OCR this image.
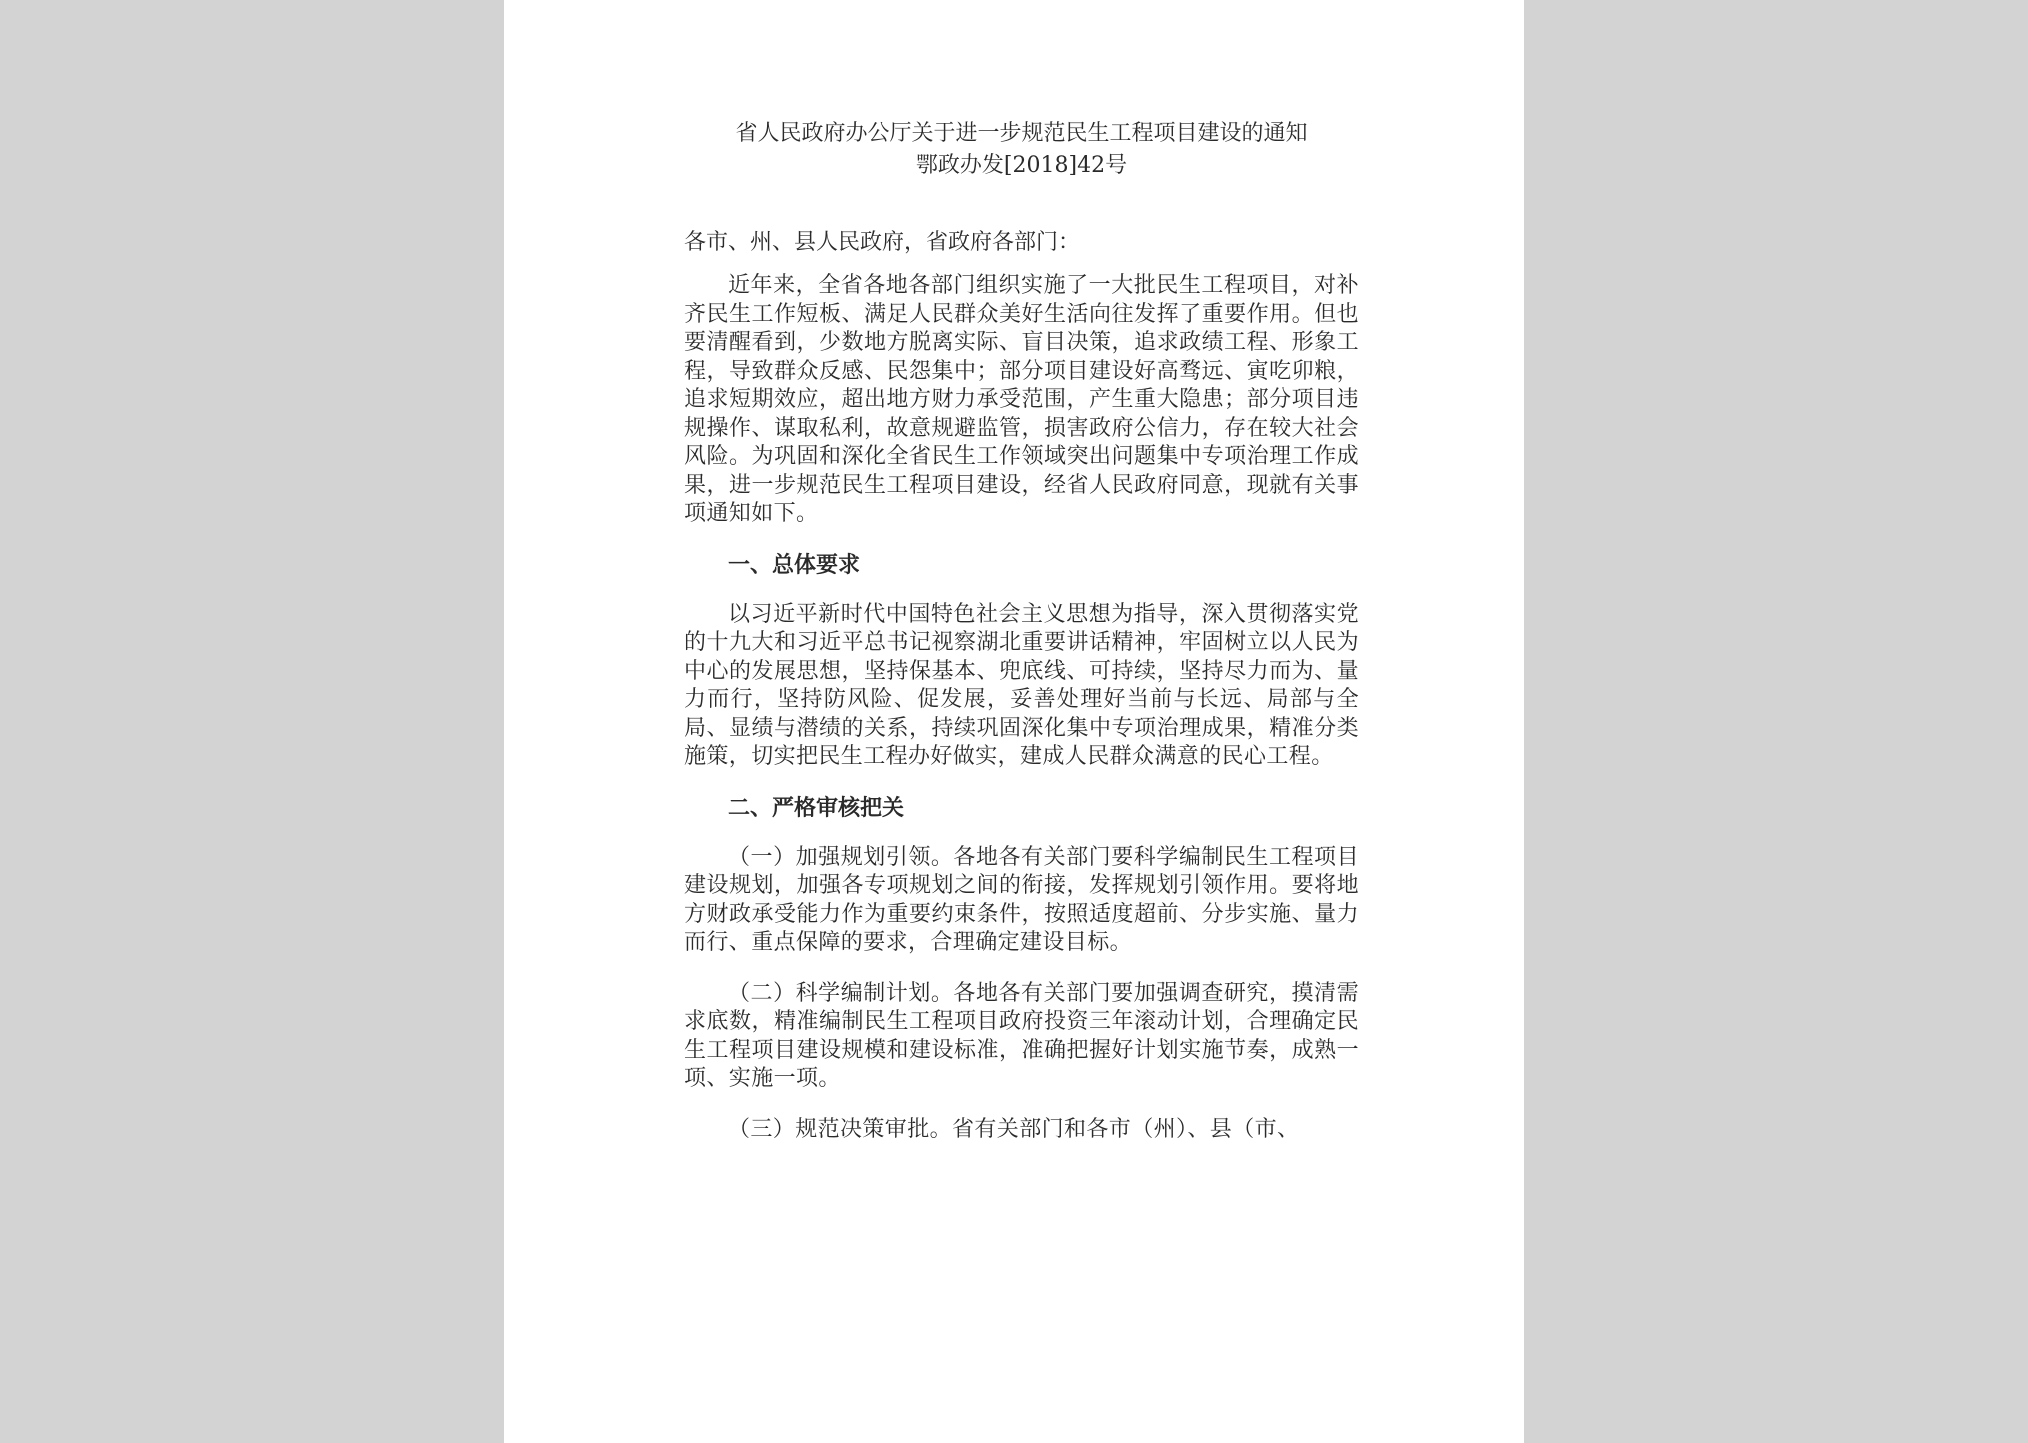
省人民政府办公厅关于进一步规范民生工程项目建设的通知

鄂政办发[2018]42号

各市、州、县人民政府，省政府各部门：

近年来，全省各地各部门组织实施了一大批民生工程项目，对补齐民生工作短板、满足人民群众美好生活向往发挥了重要作用。但也要清醒看到，少数地方脱离实际、盲目决策，追求政绩工程、形象工程，导致群众反感、民怨集中；部分项目建设好高骛远、寅吃卯粮，追求短期效应，超出地方财力承受范围，产生重大隐患；部分项目违规操作、谋取私利，故意规避监管，损害政府公信力，存在较大社会风险。为巩固和深化全省民生工作领域突出问题集中专项治理工作成果，进一步规范民生工程项目建设，经省人民政府同意，现就有关事项通知如下。

一、总体要求

以习近平新时代中国特色社会主义思想为指导，深入贯彻落实党的十九大和习近平总书记视察湖北重要讲话精神，牢固树立以人民为中心的发展思想，坚持保基本、兜底线、可持续，坚持尽力而为、量力而行，坚持防风险、促发展，妥善处理好当前与长远、局部与全局、显绩与潜绩的关系，持续巩固深化集中专项治理成果，精准分类施策，切实把民生工程办好做实，建成人民群众满意的民心工程。

二、严格审核把关

（一）加强规划引领。各地各有关部门要科学编制民生工程项目建设规划，加强各专项规划之间的衔接，发挥规划引领作用。要将地方财政承受能力作为重要约束条件，按照适度超前、分步实施、量力而行、重点保障的要求，合理确定建设目标。

（二）科学编制计划。各地各有关部门要加强调查研究，摸清需求底数，精准编制民生工程项目政府投资三年滚动计划，合理确定民生工程项目建设规模和建设标准，准确把握好计划实施节奏，成熟一项、实施一项。

（三）规范决策审批。省有关部门和各市（州）、县（市、
